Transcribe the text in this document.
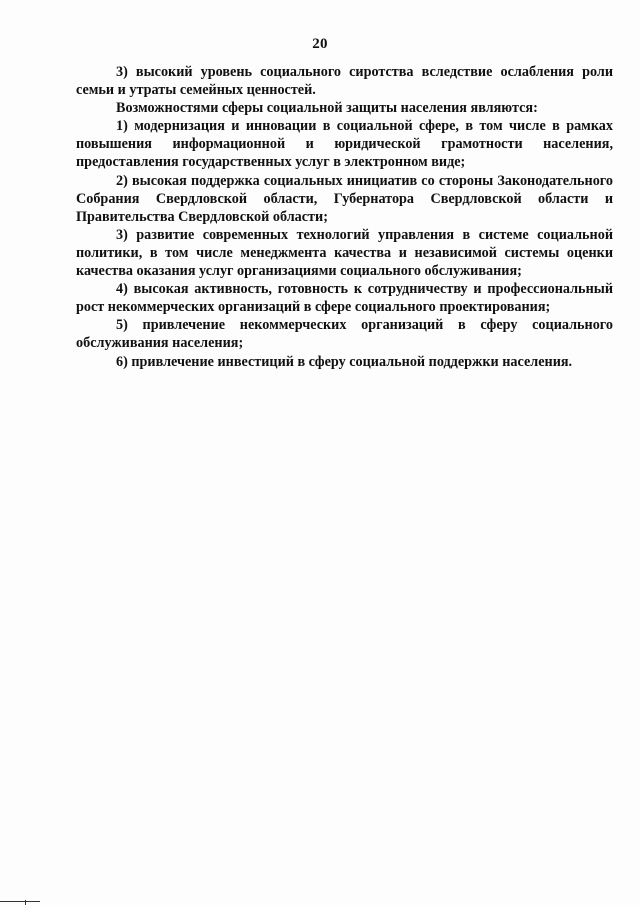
20

3) высокий уровень социального сиротства вследствие ослабления роли семьи и утраты семейных ценностей.

Возможностями сферы социальной защиты населения являются:

1) модернизация и инновации в социальной сфере, в том числе в рамках повышения информационной и юридической грамотности населения, предоставления государственных услуг в электронном виде;

2) высокая поддержка социальных инициатив со стороны Законодательного Собрания Свердловской области, Губернатора Свердловской области и Правительства Свердловской области;

3) развитие современных технологий управления в системе социальной политики, в том числе менеджмента качества и независимой системы оценки качества оказания услуг организациями социального обслуживания;

4) высокая активность, готовность к сотрудничеству и профессиональный рост некоммерческих организаций в сфере социального проектирования;

5) привлечение некоммерческих организаций в сферу социального обслуживания населения;

6) привлечение инвестиций в сферу социальной поддержки населения.
